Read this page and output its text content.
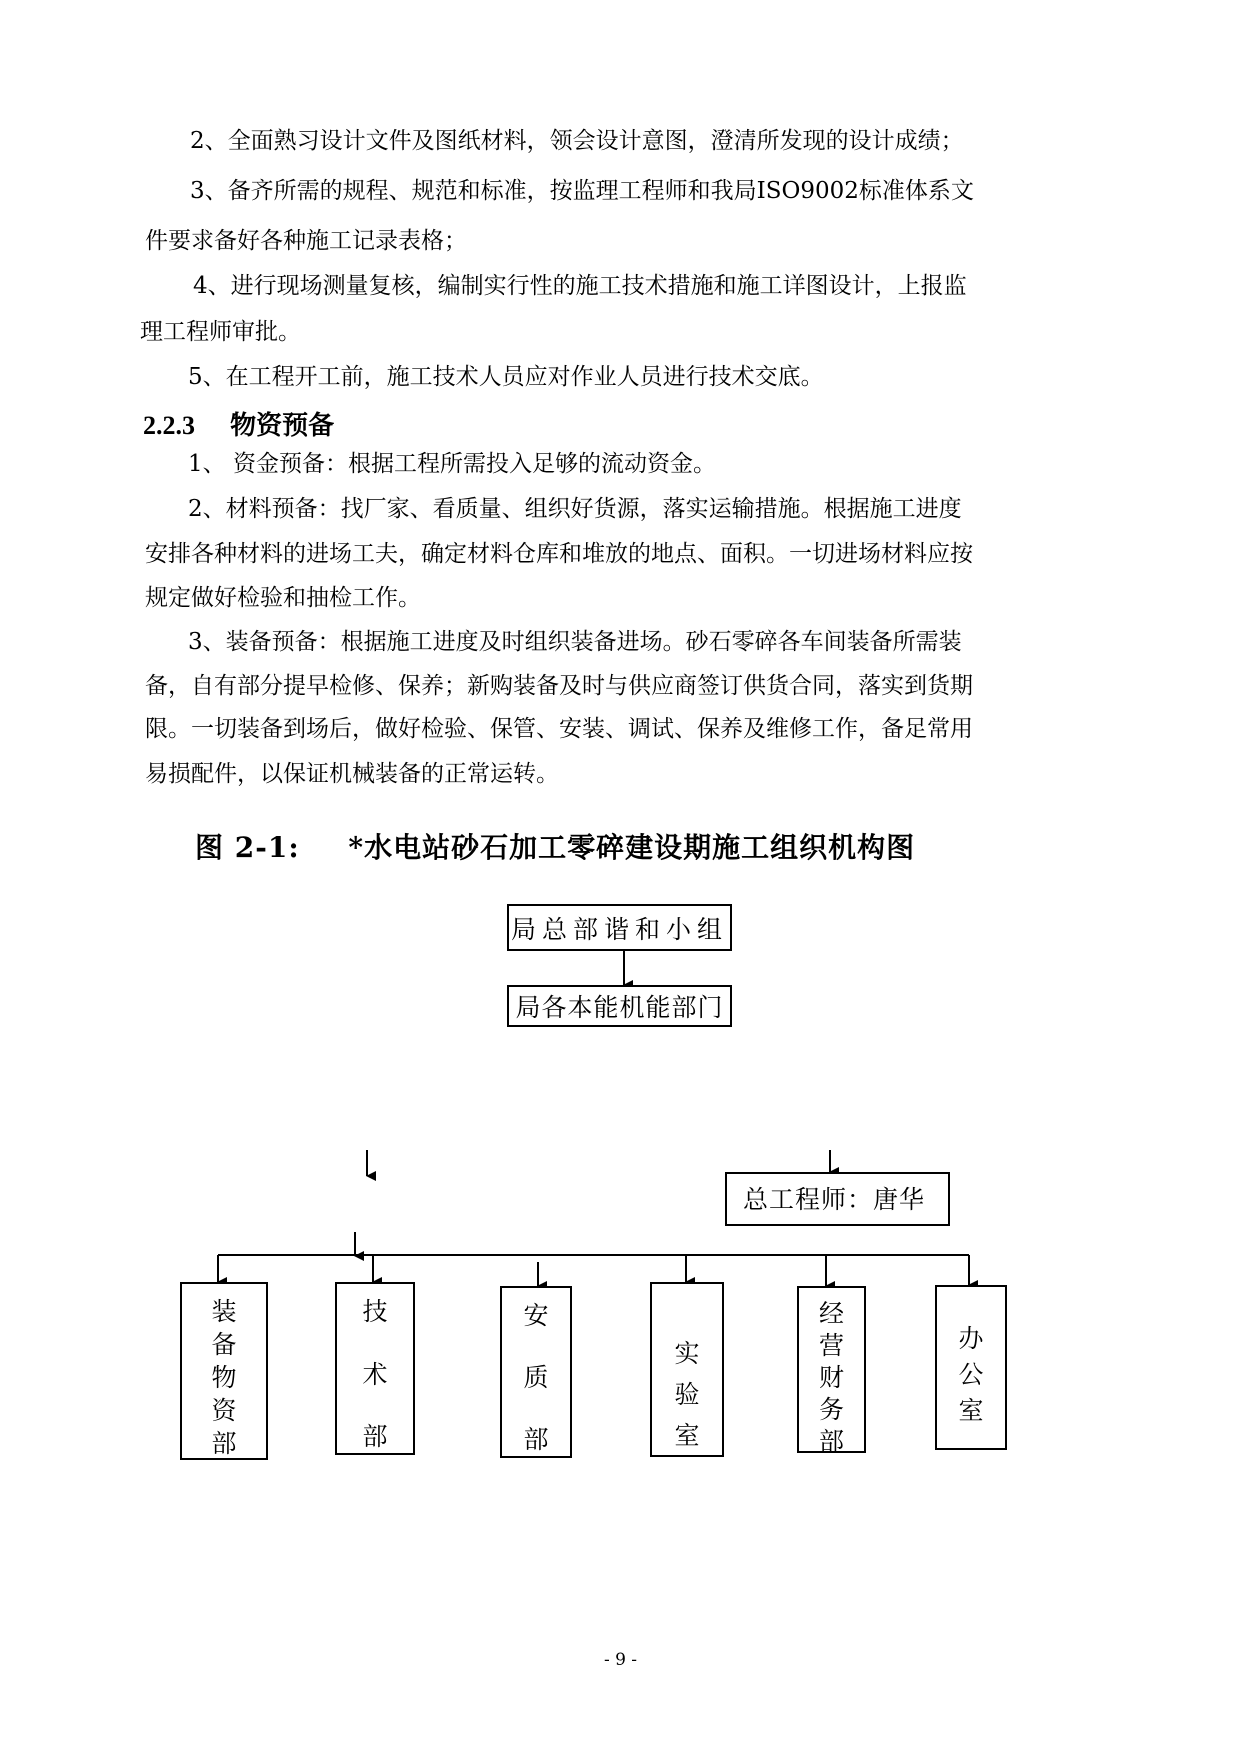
2、全面熟习设计文件及图纸材料，领会设计意图，澄清所发现的设计成绩；
3、备齐所需的规程、规范和标准，按监理工程师和我局ISO9002标准体系文
件要求备好各种施工记录表格；
4、进行现场测量复核，编制实行性的施工技术措施和施工详图设计，上报监
理工程师审批。
5、在工程开工前，施工技术人员应对作业人员进行技术交底。
2.2.3 物资预备
1、 资金预备：根据工程所需投入足够的流动资金。
2、材料预备：找厂家、看质量、组织好货源，落实运输措施。根据施工进度
安排各种材料的进场工夫，确定材料仓库和堆放的地点、面积。一切进场材料应按
规定做好检验和抽检工作。
3、装备预备：根据施工进度及时组织装备进场。砂石零碎各车间装备所需装
备，自有部分提早检修、保养；新购装备及时与供应商签订供货合同，落实到货期
限。一切装备到场后，做好检验、保管、安装、调试、保养及维修工作，备足常用
易损配件，以保证机械装备的正常运转。
图 2-1: *水电站砂石加工零碎建设期施工组织机构图
局总部谐和小组
局各本能机能部门
总工程师：唐华
装
备
物
资
部
技
术
部
安
质
部
实
验
室
经
营
财
务
部
办
公
室
- 9 -
